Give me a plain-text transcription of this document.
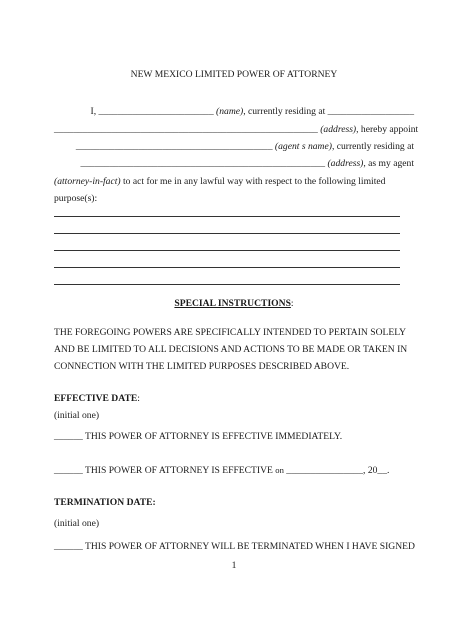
NEW MEXICO LIMITED POWER OF ATTORNEY
I, ________________________ (name), currently residing at __________________
_______________________________________________________ (address), hereby appoint
_________________________________________ (agent s name), currently residing at
___________________________________________________ (address), as my agent
(attorney-in-fact) to act for me in any lawful way with respect to the following limited
purpose(s):
SPECIAL INSTRUCTIONS:
THE FOREGOING POWERS ARE SPECIFICALLY INTENDED TO PERTAIN SOLELY
AND BE LIMITED TO ALL DECISIONS AND ACTIONS TO BE MADE OR TAKEN IN
CONNECTION WITH THE LIMITED PURPOSES DESCRIBED ABOVE.
EFFECTIVE DATE:
(initial one)
______ THIS POWER OF ATTORNEY IS EFFECTIVE IMMEDIATELY.
______ THIS POWER OF ATTORNEY IS EFFECTIVE on ________________, 20__.
TERMINATION DATE:
(initial one)
______ THIS POWER OF ATTORNEY WILL BE TERMINATED WHEN I HAVE SIGNED
1
